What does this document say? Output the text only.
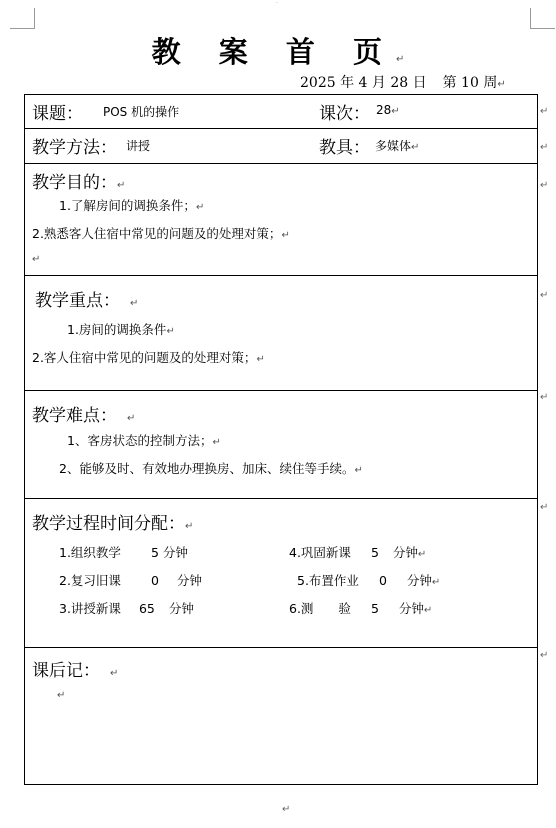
·
教 案 首 页↵
2025 年 4 月 28 日 第 10 周↵
课题： POS 机的操作	课次： 28↵
教学方法： 讲授	教具： 多媒体↵
教学目的：↵
1.了解房间的调换条件；↵
2.熟悉客人住宿中常见的问题及的处理对策；↵
↵
教学重点： ↵
1.房间的调换条件↵
2.客人住宿中常见的问题及的处理对策；↵
教学难点： ↵
1、客房状态的控制方法；↵
2、能够及时、有效地办理换房、加床、续住等手续。↵
教学过程时间分配：↵
1.组织教学 5 分钟
2.复习旧课 0 分钟
3.讲授新课 65 分钟
4.巩固新课 5 分钟↵
5.布置作业 0 分钟↵
6.测　　验 5 分钟↵
课后记： ↵
↵
↵
↵
↵
↵
↵
↵
↵
↵
